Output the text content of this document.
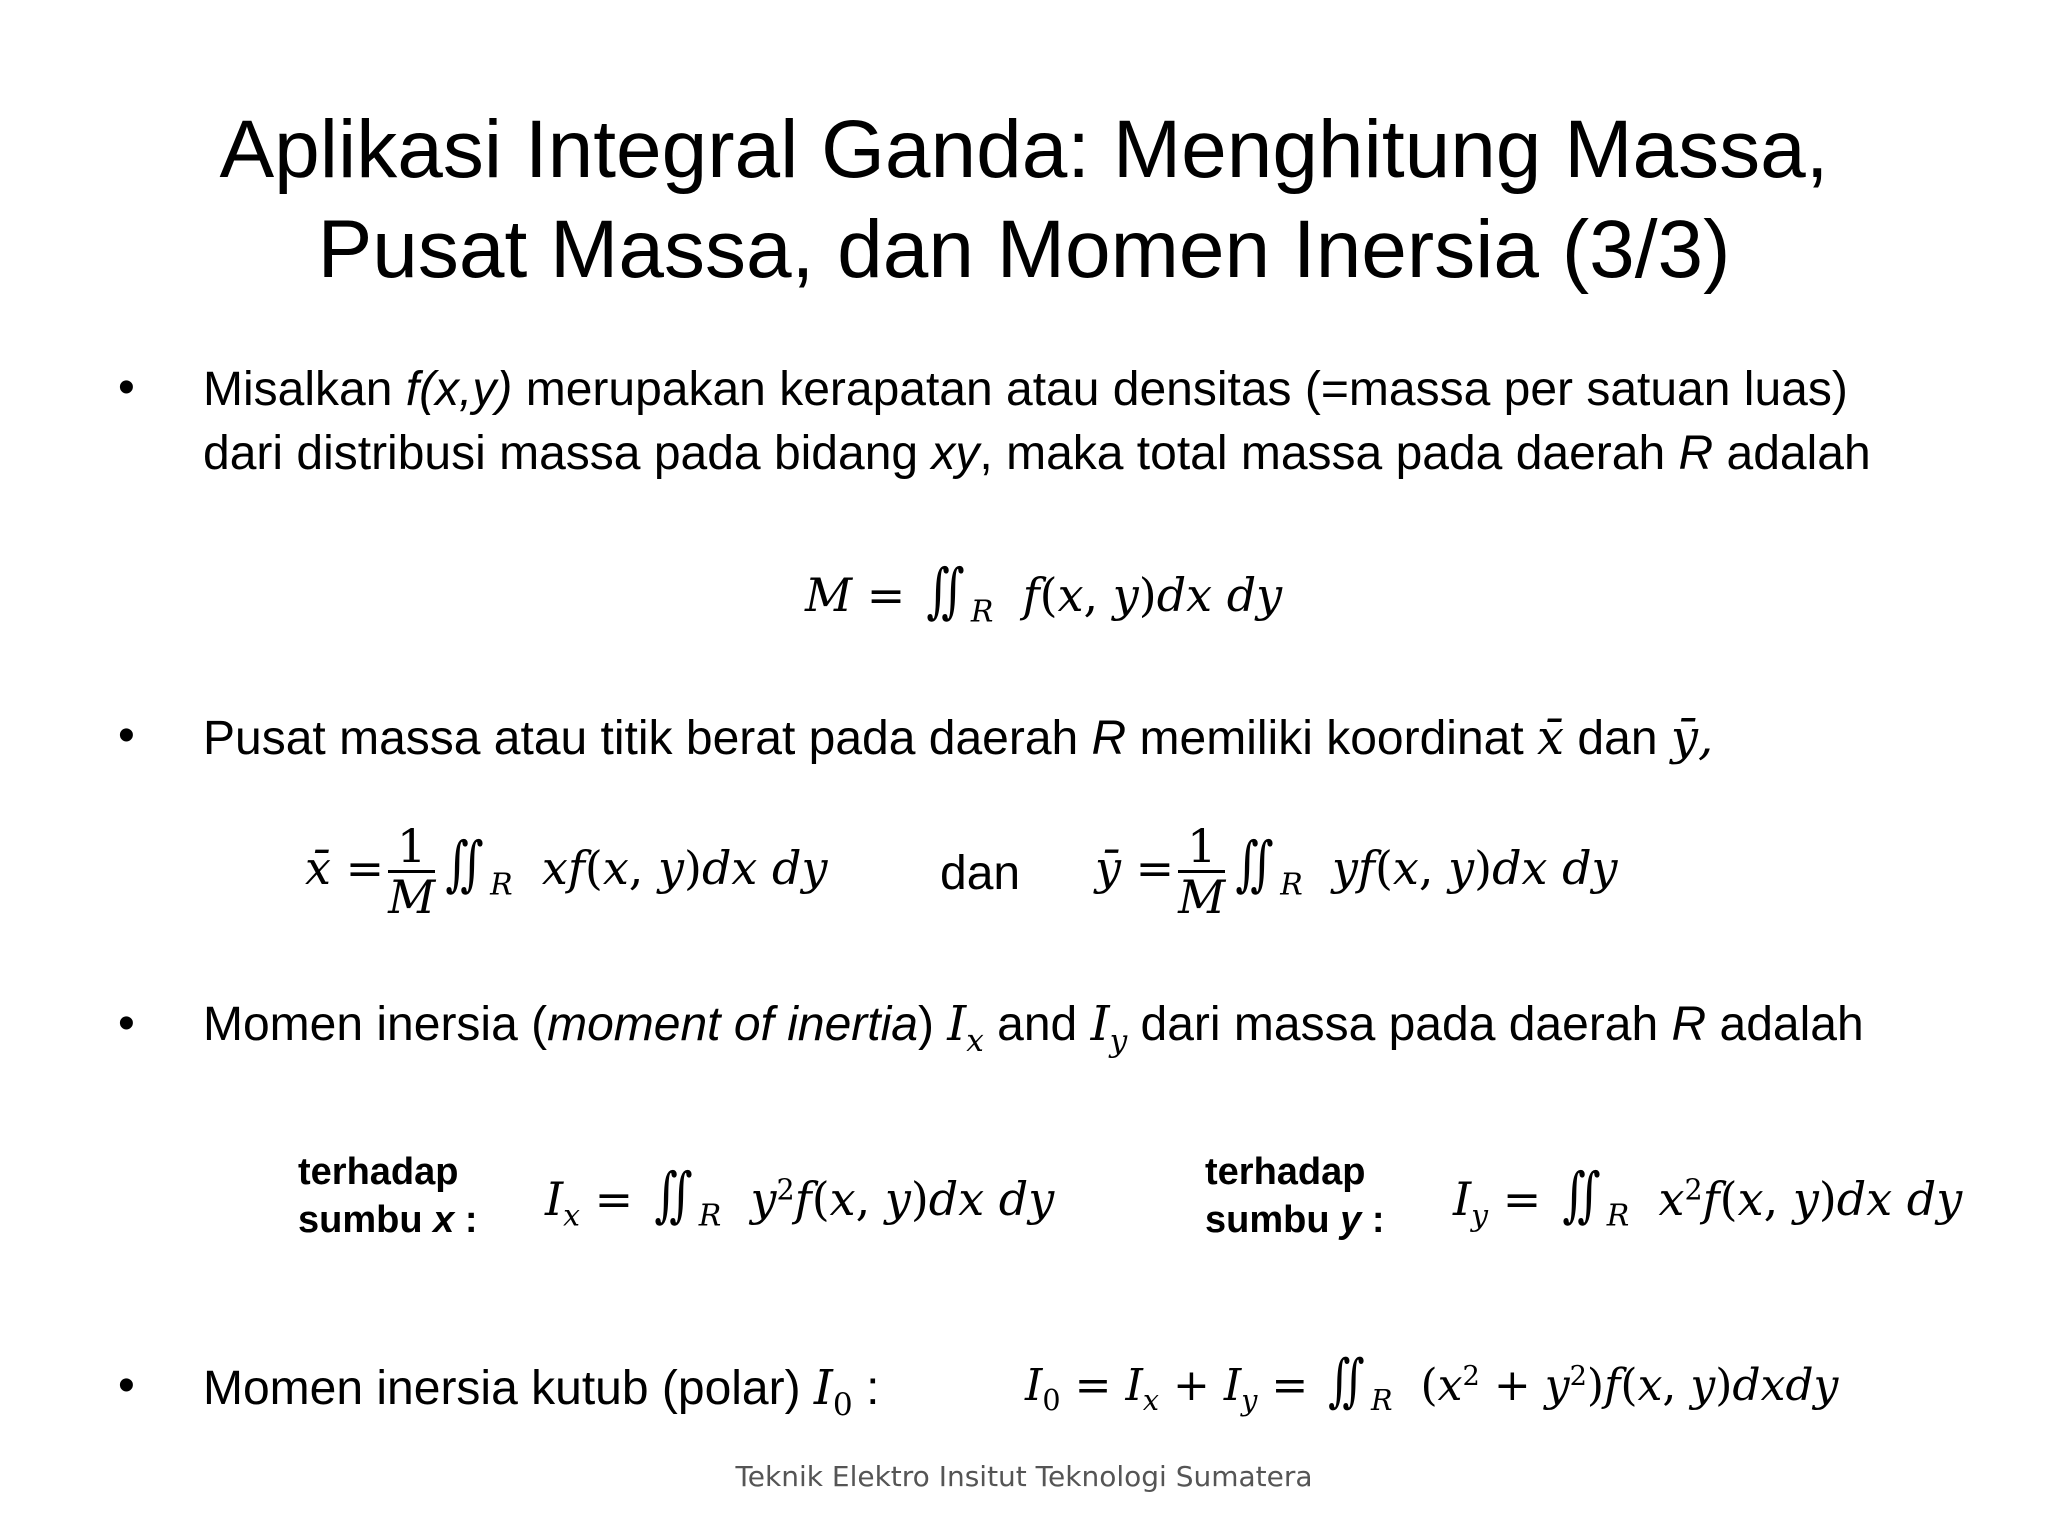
Aplikasi Integral Ganda: Menghitung Massa,
Pusat Massa, dan Momen Inersia (3/3)
• Misalkan f(x,y) merupakan kerapatan atau densitas (=massa per satuan luas) dari distribusi massa pada bidang xy, maka total massa pada daerah R adalah
M = ∬ $_R$  f(x, y)dx dy
• Pusat massa atau titik berat pada daerah R memiliki koordinat x̄ dan ȳ,
x̄ = $\frac{1}{M}$ ∬ $_R$  xf(x, y)dx dy dan ȳ = $\frac{1}{M}$ ∬ $_R$  yf(x, y)dx dy
• Momen inersia (moment of inertia) $I_x$ and $I_y$ dari massa pada daerah R adalah
terhadap
sumbu x : $I_x$ = ∬ $_R$  $y^2f(x$, y)dx dy	terhadap
sumbu y : $I_y$ = ∬ $_R$  $x^2f(x$, y)dx dy
• Momen inersia kutub (polar) $I_0$ :	$I_0 = I_x + I_y$ = ∬ $_R$ $(x^2 + y^2)f(x$, y)dxdy
Teknik Elektro Insitut Teknologi Sumatera
